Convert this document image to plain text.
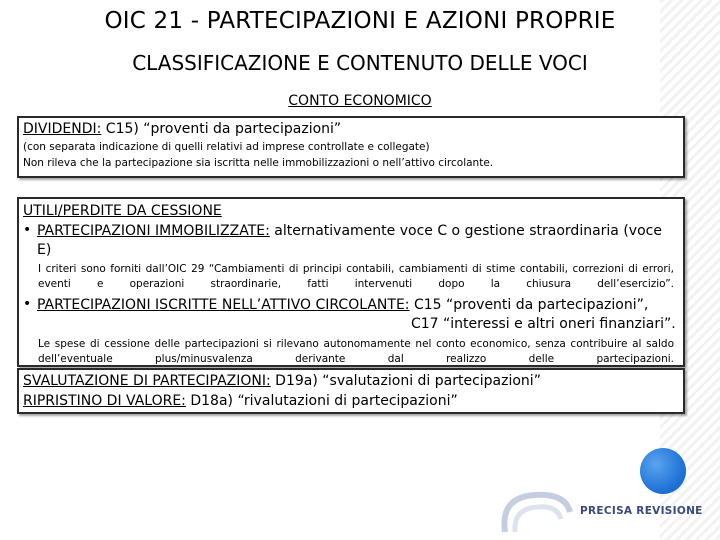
OIC 21 - PARTECIPAZIONI E AZIONI PROPRIE
CLASSIFICAZIONE E CONTENUTO DELLE VOCI
CONTO ECONOMICO
DIVIDENDI: C15) “proventi da partecipazioni”
(con separata indicazione di quelli relativi ad imprese controllate e collegate)
Non rileva che la partecipazione sia iscritta nelle immobilizzazioni o nell’attivo circolante.
UTILI/PERDITE DA CESSIONE
• PARTECIPAZIONI IMMOBILIZZATE: alternativamente voce C o gestione straordinaria (voce
E)
I criteri sono forniti dall’OIC 29 “Cambiamenti di principi contabili, cambiamenti di stime contabili, correzioni di errori, eventi e operazioni straordinarie, fatti intervenuti dopo la chiusura dell’esercizio”.
• PARTECIPAZIONI ISCRITTE NELL’ATTIVO CIRCOLANTE: C15 “proventi da partecipazioni”,
C17 “interessi e altri oneri finanziari”.
Le spese di cessione delle partecipazioni si rilevano autonomamente nel conto economico, senza contribuire al saldo dell’eventuale plus/minusvalenza derivante dal realizzo delle partecipazioni.
SVALUTAZIONE DI PARTECIPAZIONI: D19a) “svalutazioni di partecipazioni”
RIPRISTINO DI VALORE: D18a) “rivalutazioni di partecipazioni”
PRECISA REVISIONE
